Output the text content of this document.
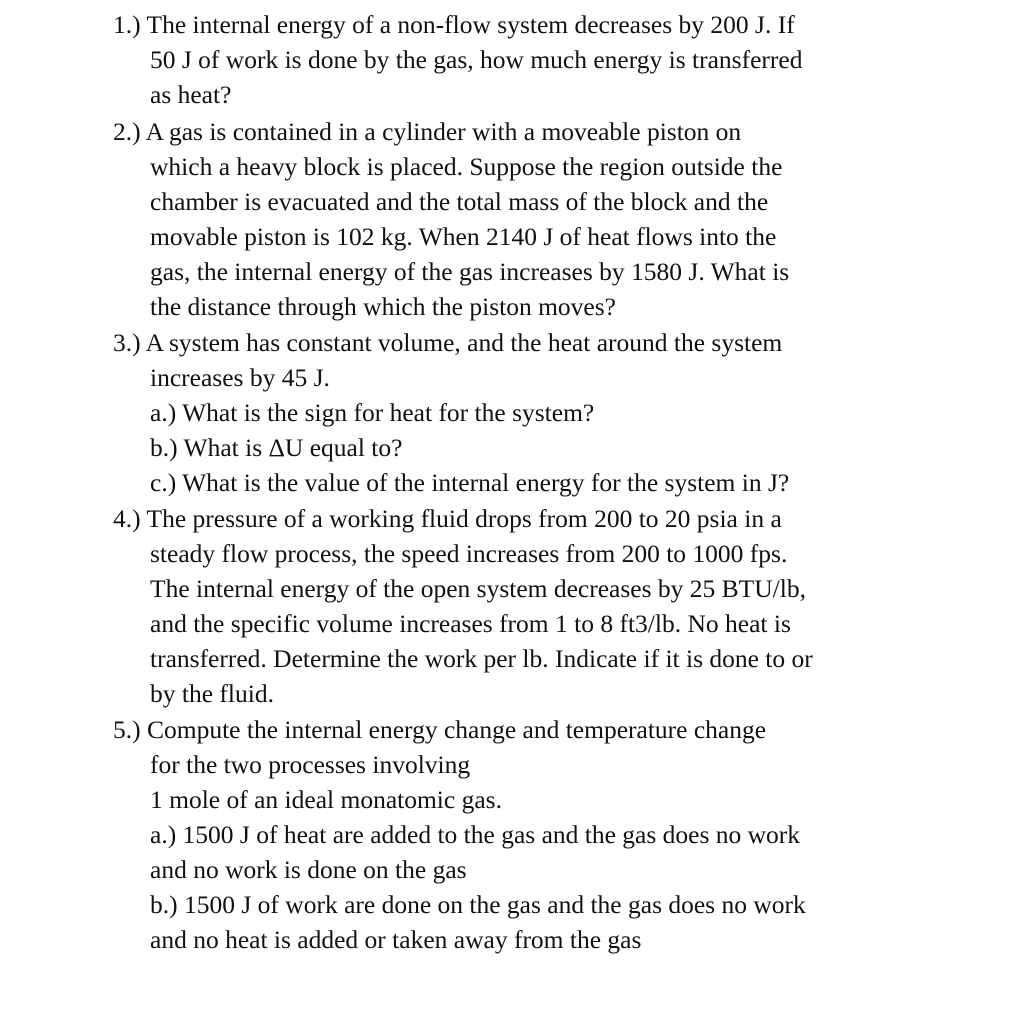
1.) The internal energy of a non-flow system decreases by 200 J. If
50 J of work is done by the gas, how much energy is transferred
as heat?
2.) A gas is contained in a cylinder with a moveable piston on
which a heavy block is placed. Suppose the region outside the
chamber is evacuated and the total mass of the block and the
movable piston is 102 kg. When 2140 J of heat flows into the
gas, the internal energy of the gas increases by 1580 J. What is
the distance through which the piston moves?
3.) A system has constant volume, and the heat around the system
increases by 45 J.
a.) What is the sign for heat for the system?
b.) What is ΔU equal to?
c.) What is the value of the internal energy for the system in J?
4.) The pressure of a working fluid drops from 200 to 20 psia in a
steady flow process, the speed increases from 200 to 1000 fps.
The internal energy of the open system decreases by 25 BTU/lb,
and the specific volume increases from 1 to 8 ft3/lb. No heat is
transferred. Determine the work per lb. Indicate if it is done to or
by the fluid.
5.) Compute the internal energy change and temperature change
for the two processes involving
1 mole of an ideal monatomic gas.
a.) 1500 J of heat are added to the gas and the gas does no work
and no work is done on the gas
b.) 1500 J of work are done on the gas and the gas does no work
and no heat is added or taken away from the gas
